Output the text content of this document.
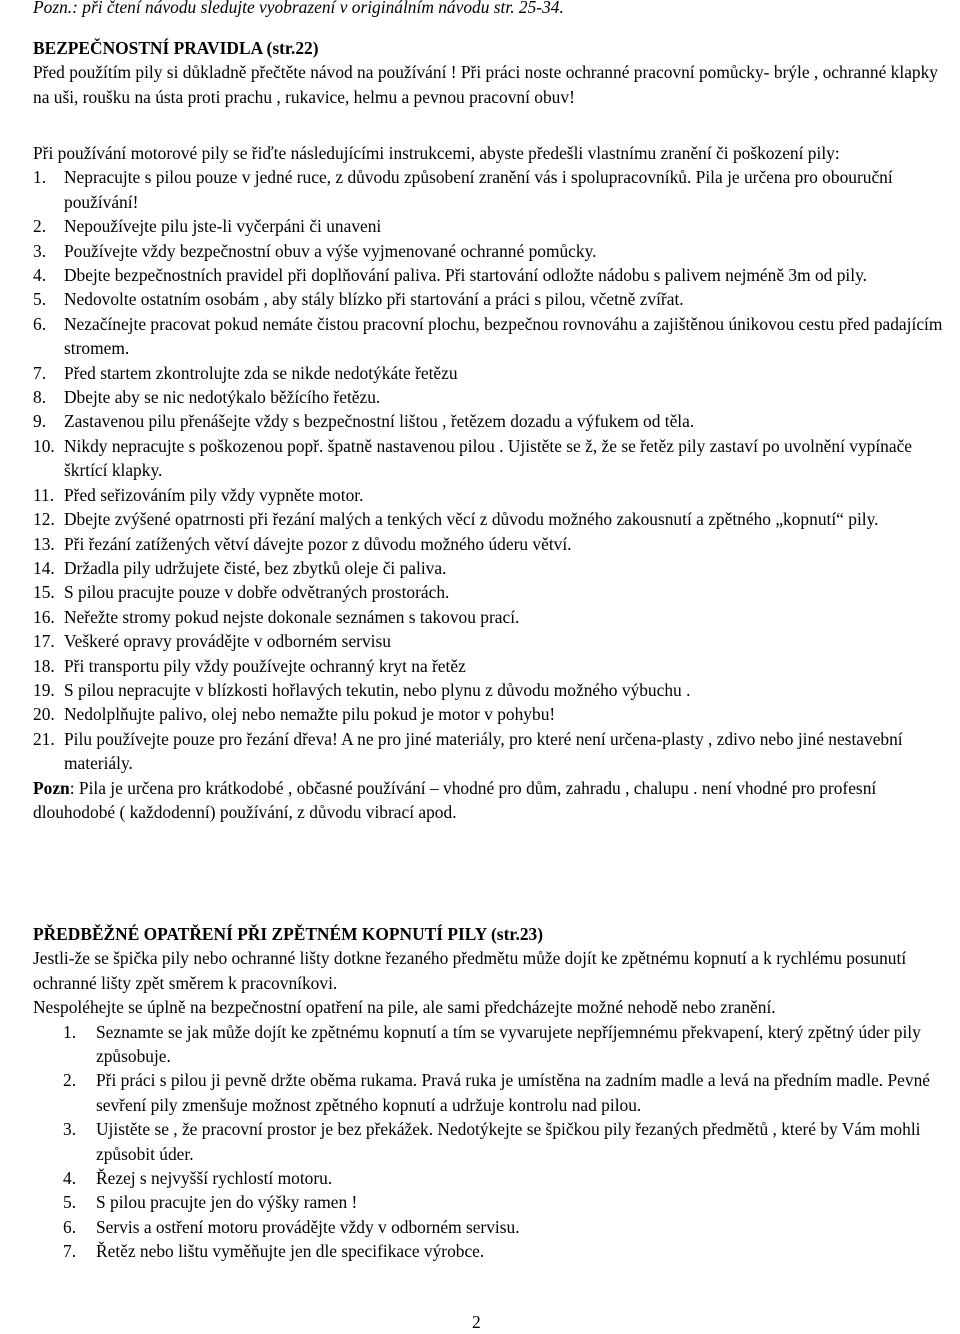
Pozn.: při čtení návodu sledujte vyobrazení v originálním návodu str. 25-34.

BEZPEČNOSTNÍ PRAVIDLA (str.22)

Před použítím pily si důkladně přečtěte návod na používání ! Při práci noste ochranné pracovní pomůcky- brýle , ochranné klapky na uši, roušku na ústa proti prachu , rukavice, helmu a pevnou pracovní obuv!

Při používání motorové pily se řiďte následujícími instrukcemi, abyste předešli vlastnímu zranění či poškození pily:

1. Nepracujte s pilou pouze v jedné ruce, z důvodu způsobení zranění vás i spolupracovníků. Pila je určena pro obouruční používání!
2. Nepoužívejte pilu jste-li vyčerpáni či unaveni
3. Používejte vždy bezpečnostní obuv a výše vyjmenované ochranné pomůcky.
4. Dbejte bezpečnostních pravidel při doplňování paliva. Při startování odložte nádobu s palivem nejméně 3m od pily.
5. Nedovolte ostatním osobám , aby stály blízko při startování a práci s pilou, včetně zvířat.
6. Nezačínejte pracovat pokud nemáte čistou pracovní plochu, bezpečnou rovnováhu a zajištěnou únikovou cestu před padajícím stromem.
7. Před startem zkontrolujte zda se nikde nedotýkáte řetězu
8. Dbejte aby se nic nedotýkalo běžícího řetězu.
9. Zastavenou pilu přenášejte vždy s bezpečnostní lištou , řetězem dozadu a výfukem od těla.
10. Nikdy nepracujte s poškozenou popř. špatně nastavenou pilou . Ujistěte se ž, že se řetěz pily zastaví po uvolnění vypínače škrtící klapky.
11. Před seřizováním pily vždy vypněte motor.
12. Dbejte zvýšené opatrnosti při řezání malých a tenkých věcí z důvodu možného zakousnutí a zpětného „kopnutí“ pily.
13. Při řezání zatížených větví dávejte pozor z důvodu možného úderu větví.
14. Držadla pily udržujete čisté, bez zbytků oleje či paliva.
15. S pilou pracujte pouze v dobře odvětraných prostorách.
16. Neřežte stromy pokud nejste dokonale seznámen s takovou prací.
17. Veškeré opravy provádějte v odborném servisu
18. Při transportu pily vždy používejte ochranný kryt na řetěz
19. S pilou nepracujte v blízkosti hořlavých tekutin, nebo plynu z důvodu možného výbuchu .
20. Nedolplňujte palivo, olej nebo nemažte pilu pokud je motor v pohybu!
21. Pilu používejte pouze pro řezání dřeva! A ne pro jiné materiály, pro které není určena-plasty , zdivo nebo jiné nestavební materiály.

Pozn: Pila je určena pro krátkodobé , občasné používání – vhodné pro dům, zahradu , chalupu . není vhodné pro profesní dlouhodobé ( každodenní) používání, z důvodu vibrací apod.

PŘEDBĚŽNÉ OPATŘENÍ PŘI ZPĚTNÉM KOPNUTÍ PILY (str.23)

Jestli-že se špička pily nebo ochranné lišty dotkne řezaného předmětu může dojít ke zpětnému kopnutí a k rychlému posunutí ochranné lišty zpět směrem k pracovníkovi.

Nespoléhejte se úplně na bezpečnostní opatření na pile, ale sami předcházejte možné nehodě nebo zranění.

1. Seznamte se jak může dojít ke zpětnému kopnutí a tím se vyvarujete nepříjemnému překvapení, který zpětný úder pily způsobuje.
2. Při práci s pilou ji pevně držte oběma rukama. Pravá ruka je umístěna na zadním madle a levá na předním madle. Pevné sevření pily zmenšuje možnost zpětného kopnutí a udržuje kontrolu nad pilou.
3. Ujistěte se , že pracovní prostor je bez překážek. Nedotýkejte se špičkou pily řezaných předmětů , které by Vám mohli způsobit úder.
4. Řezej s nejvyšší rychlostí motoru.
5. S pilou pracujte jen do výšky ramen !
6. Servis a ostření motoru provádějte vždy v odborném servisu.
7. Řetěz nebo lištu vyměňujte jen dle specifikace výrobce.
2
